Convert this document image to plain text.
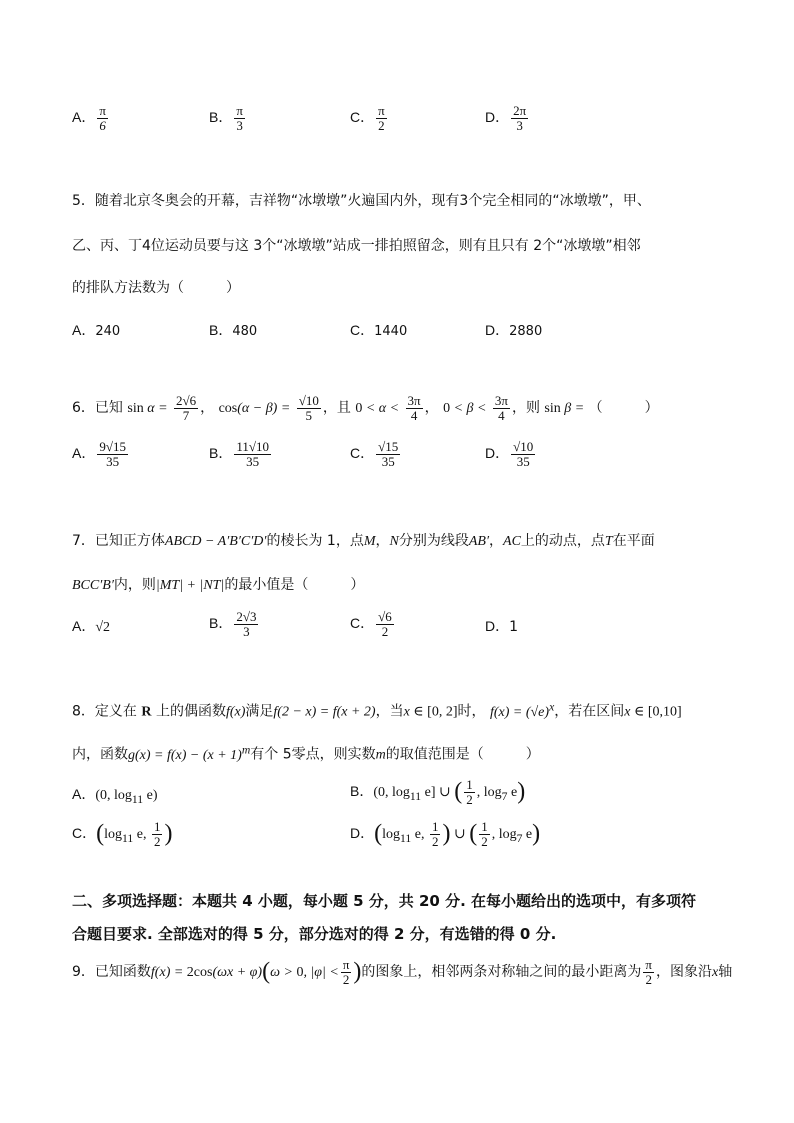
A． $\frac{\pi}{6}$	B． $\frac{\pi}{3}$	C． $\frac{\pi}{2}$	D． $\frac{2\pi}{3}$
5．随着北京冬奥会的开幕，吉祥物“冰墩墩”火遍国内外，现有3个完全相同的“冰墩墩”，甲、
乙、丙、丁4位运动员要与这 3个“冰墩墩”站成一排拍照留念，则有且只有 2个“冰墩墩”相邻
的排队方法数为（　　　）
A．240	B．480	C．1440	D．2880
6．已知 $\sin \alpha = \frac{2√6}{7}$ ， $\cos(\alpha - \beta) = \frac{√10}{5}$ ，且 $0 < \alpha < \frac{3\pi}{4}$ ， $0 < \beta < \frac{3\pi}{4}$ ，则 sin β = （　　　）
A． $\frac{9√15}{35}$	B． $\frac{11√10}{35}$	C． $\frac{√15}{35}$	D． $\frac{√10}{35}$
7．已知正方体ABCD − A′B′C′D′的棱长为 1，点M，N分别为线段AB′，AC上的动点，点T在平面
BCC′B′内，则|MT| + |NT|的最小值是（　　　）
A．√2	B． $\frac{2√3}{3}$	C． $\frac{√6}{2}$	D．1
8．定义在 R 上的偶函数f(x)满足f(2 − x) = f(x + 2)，当x ∈ [0, 2]时， $f(x) = (√e)^x$，若在区间x ∈ [0,10]
内，函数$g(x) = f(x) - (x + 1)^m$有个 5零点，则实数m的取值范围是（　　　）
A．(0, $\log_{11} e$)	B．(0, $\log_{11} e$] ∪ ( $\frac{1}{2}$ , $\log_7 e$)
C．($\log_{11}$ e, $\frac{1}{2}$ )	D．($\log_{11}$ e, $\frac{1}{2}$ ) ∪ ( $\frac{1}{2}$ , $\log_7 e$)
二、多项选择题：本题共 4 小题，每小题 5 分，共 20 分. 在每小题给出的选项中，有多项符
合题目要求. 全部选对的得 5 分，部分选对的得 2 分，有选错的得 0 分.
9．已知函数f(x) = 2cos(ωx + φ)(ω > 0, $|\varphi| < \frac{\pi}{2}$ )的图象上，相邻两条对称轴之间的最小距离为 $\frac{\pi}{2}$ ，图象沿x轴
